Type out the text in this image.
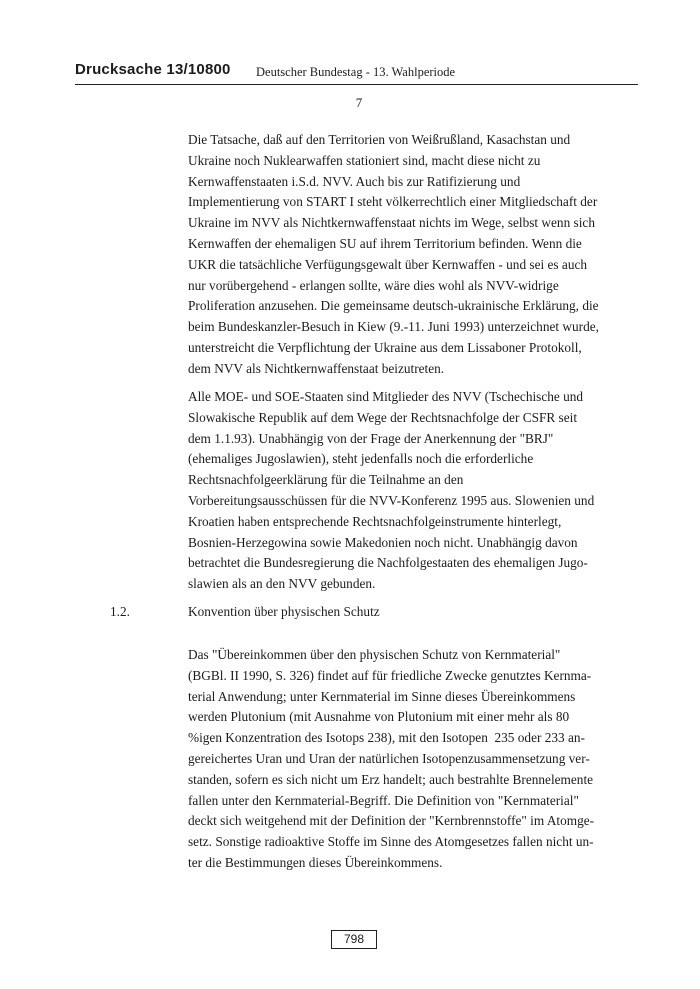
Drucksache 13/10800 Deutscher Bundestag - 13. Wahlperiode
7

Die Tatsache, daß auf den Territorien von Weißrußland, Kasachstan und
Ukraine noch Nuklearwaffen stationiert sind, macht diese nicht zu
Kernwaffenstaaten i.S.d. NVV. Auch bis zur Ratifizierung und
Implementierung von START I steht völkerrechtlich einer Mitgliedschaft der
Ukraine im NVV als Nichtkernwaffenstaat nichts im Wege, selbst wenn sich
Kernwaffen der ehemaligen SU auf ihrem Territorium befinden. Wenn die
UKR die tatsächliche Verfügungsgewalt über Kernwaffen - und sei es auch
nur vorübergehend - erlangen sollte, wäre dies wohl als NVV-widrige
Proliferation anzusehen. Die gemeinsame deutsch-ukrainische Erklärung, die
beim Bundeskanzler-Besuch in Kiew (9.-11. Juni 1993) unterzeichnet wurde,
unterstreicht die Verpflichtung der Ukraine aus dem Lissaboner Protokoll,
dem NVV als Nichtkernwaffenstaat beizutreten.

Alle MOE- und SOE-Staaten sind Mitglieder des NVV (Tschechische und
Slowakische Republik auf dem Wege der Rechtsnachfolge der CSFR seit
dem 1.1.93). Unabhängig von der Frage der Anerkennung der "BRJ"
(ehemaliges Jugoslawien), steht jedenfalls noch die erforderliche
Rechtsnachfolgeerklärung für die Teilnahme an den
Vorbereitungsausschüssen für die NVV-Konferenz 1995 aus. Slowenien und
Kroatien haben entsprechende Rechtsnachfolgeinstrumente hinterlegt,
Bosnien-Herzegowina sowie Makedonien noch nicht. Unabhängig davon
betrachtet die Bundesregierung die Nachfolgestaaten des ehemaligen Jugo-
slawien als an den NVV gebunden.

1.2.	Konvention über physischen Schutz

Das "Übereinkommen über den physischen Schutz von Kernmaterial"
(BGBl. II 1990, S. 326) findet auf für friedliche Zwecke genutztes Kernma-
terial Anwendung; unter Kernmaterial im Sinne dieses Übereinkommens
werden Plutonium (mit Ausnahme von Plutonium mit einer mehr als 80
%igen Konzentration des Isotops 238), mit den Isotopen  235 oder 233 an-
gereichertes Uran und Uran der natürlichen Isotopenzusammensetzung ver-
standen, sofern es sich nicht um Erz handelt; auch bestrahlte Brennelemente
fallen unter den Kernmaterial-Begriff. Die Definition von "Kernmaterial"
deckt sich weitgehend mit der Definition der "Kernbrennstoffe" im Atomge-
setz. Sonstige radioaktive Stoffe im Sinne des Atomgesetzes fallen nicht un-
ter die Bestimmungen dieses Übereinkommens.

798
